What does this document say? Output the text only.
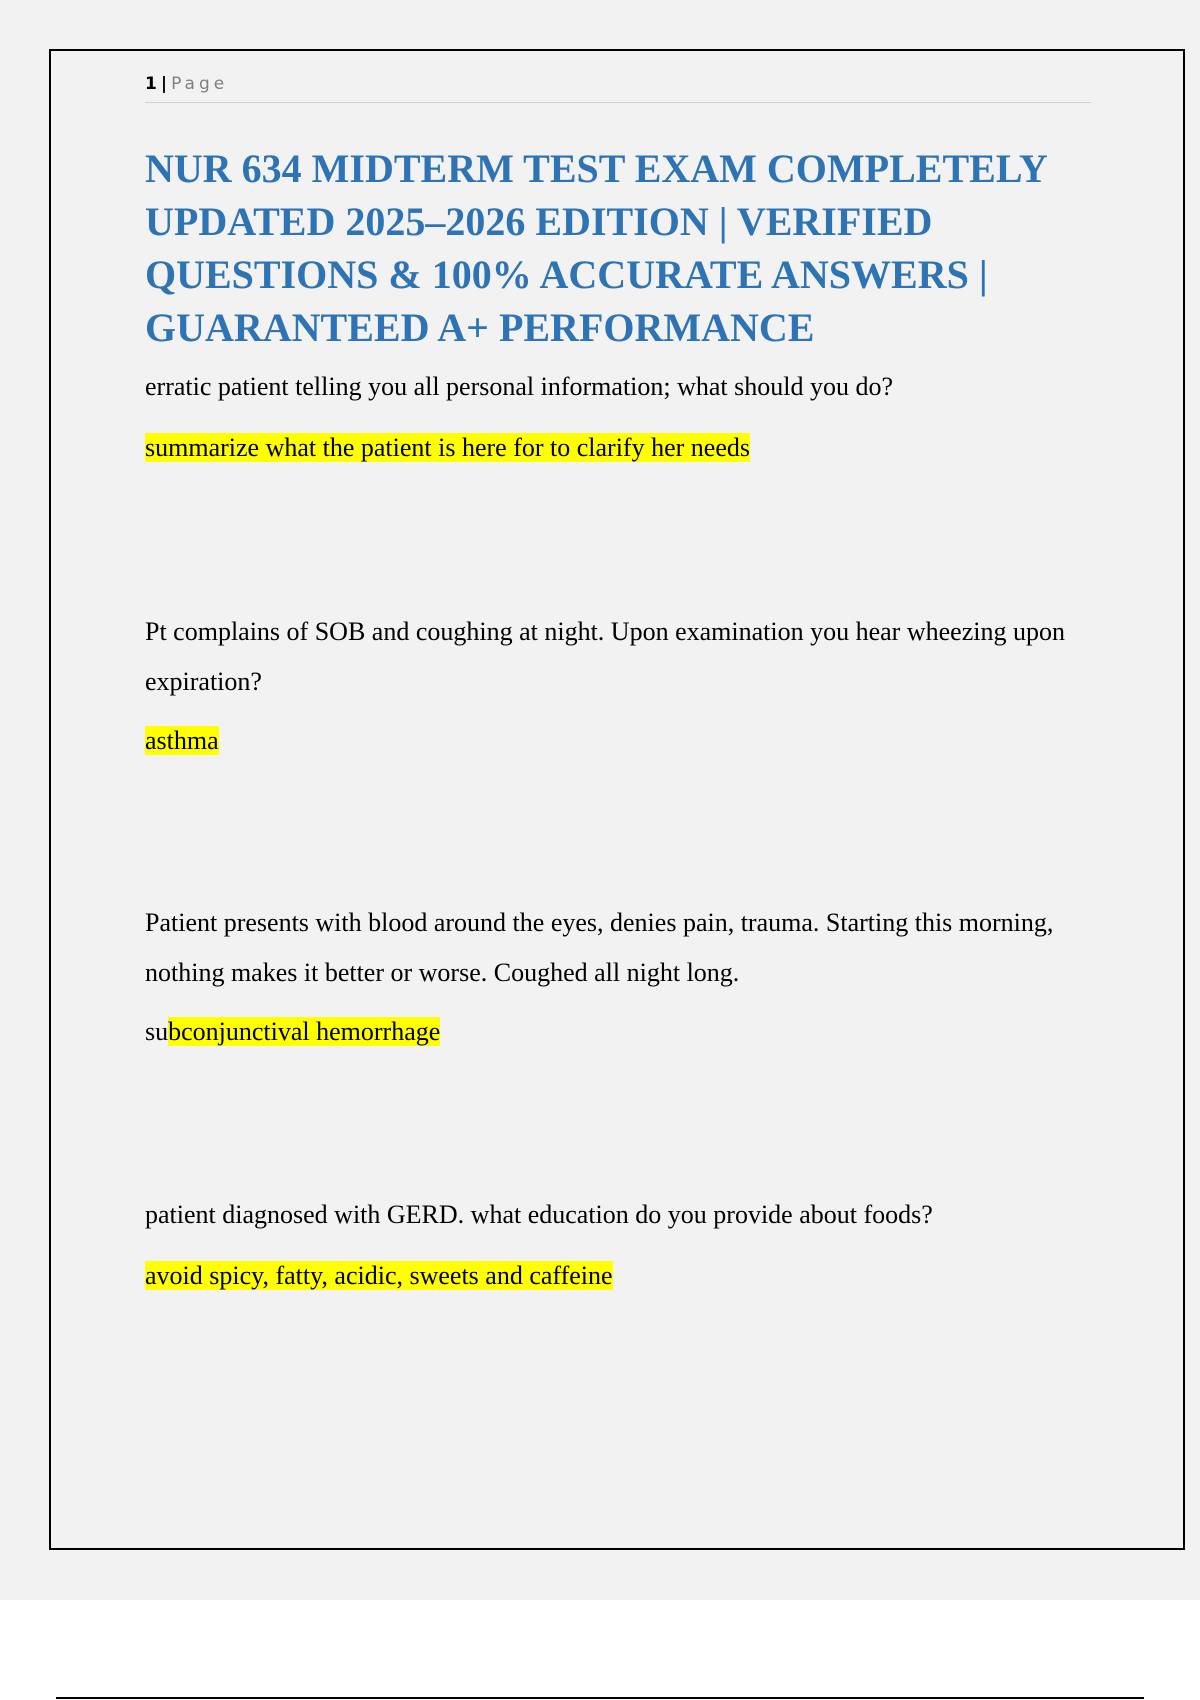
1 | Page
NUR 634 MIDTERM TEST EXAM COMPLETELY UPDATED 2025–2026 EDITION | VERIFIED QUESTIONS & 100% ACCURATE ANSWERS | GUARANTEED A+ PERFORMANCE

erratic patient telling you all personal information; what should you do?

summarize what the patient is here for to clarify her needs

Pt complains of SOB and coughing at night. Upon examination you hear wheezing upon expiration?

asthma

Patient presents with blood around the eyes, denies pain, trauma. Starting this morning, nothing makes it better or worse. Coughed all night long.

subconjunctival hemorrhage

patient diagnosed with GERD. what education do you provide about foods?

avoid spicy, fatty, acidic, sweets and caffeine
